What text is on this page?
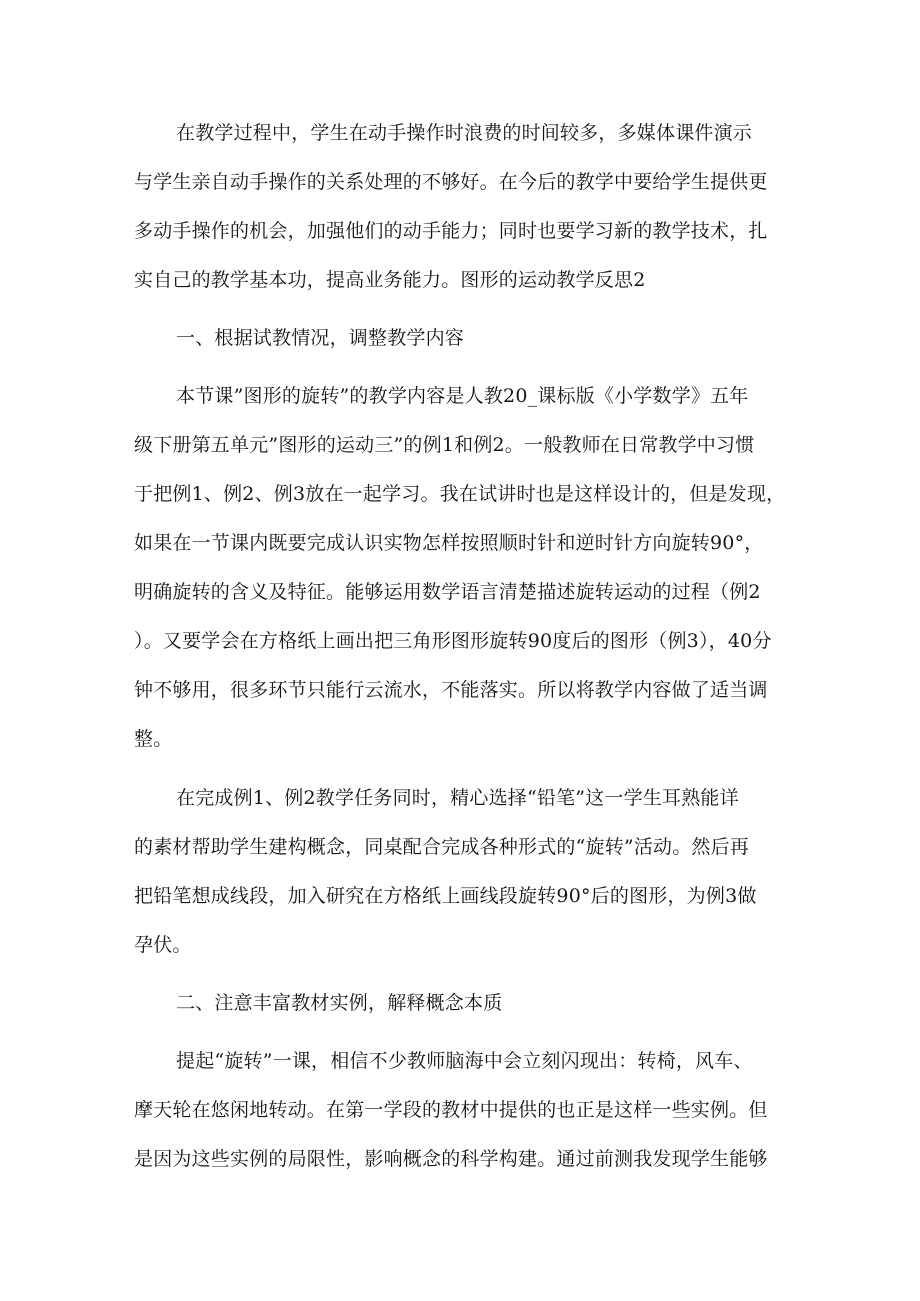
在教学过程中，学生在动手操作时浪费的时间较多，多媒体课件演示
与学生亲自动手操作的关系处理的不够好。在今后的教学中要给学生提供更
多动手操作的机会，加强他们的动手能力；同时也要学习新的教学技术，扎
实自己的教学基本功，提高业务能力。图形的运动教学反思2
一、根据试教情况，调整教学内容
本节课”图形的旋转”的教学内容是人教20_课标版《小学数学》五年
级下册第五单元”图形的运动三”的例1和例2。一般教师在日常教学中习惯
于把例1、例2、例3放在一起学习。我在试讲时也是这样设计的，但是发现，
如果在一节课内既要完成认识实物怎样按照顺时针和逆时针方向旋转90°，
明确旋转的含义及特征。能够运用数学语言清楚描述旋转运动的过程（例2
）。又要学会在方格纸上画出把三角形图形旋转90度后的图形（例3），40分
钟不够用，很多环节只能行云流水，不能落实。所以将教学内容做了适当调
整。
在完成例1、例2教学任务同时，精心选择“铅笔”这一学生耳熟能详
的素材帮助学生建构概念，同桌配合完成各种形式的“旋转”活动。然后再
把铅笔想成线段，加入研究在方格纸上画线段旋转90°后的图形，为例3做
孕伏。
二、注意丰富教材实例，解释概念本质
提起“旋转”一课，相信不少教师脑海中会立刻闪现出：转椅，风车、
摩天轮在悠闲地转动。在第一学段的教材中提供的也正是这样一些实例。但
是因为这些实例的局限性，影响概念的科学构建。通过前测我发现学生能够
